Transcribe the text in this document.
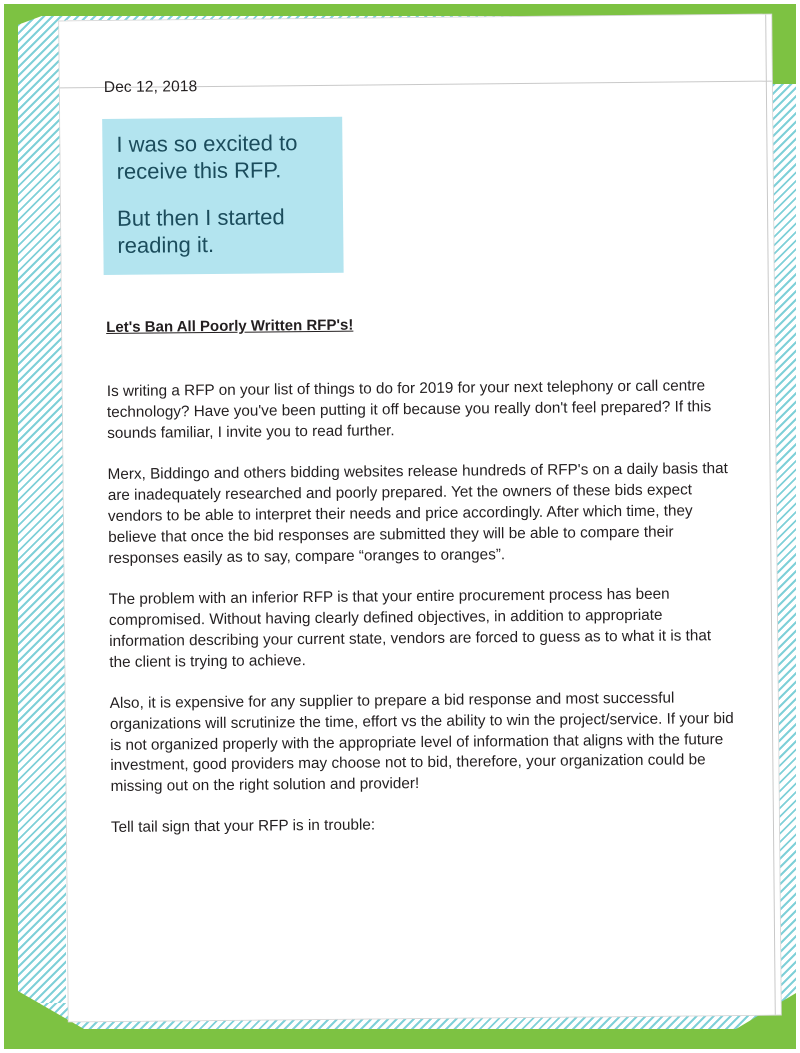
Dec 12, 2018

I was so excited to receive this RFP.

But then I started reading it.

Let's Ban All Poorly Written RFP's!

Is writing a RFP on your list of things to do for 2019 for your next telephony or call centre technology? Have you've been putting it off because you really don't feel prepared? If this sounds familiar, I invite you to read further.

Merx, Biddingo and others bidding websites release hundreds of RFP's on a daily basis that are inadequately researched and poorly prepared. Yet the owners of these bids expect vendors to be able to interpret their needs and price accordingly. After which time, they believe that once the bid responses are submitted they will be able to compare their responses easily as to say, compare “oranges to oranges”.

The problem with an inferior RFP is that your entire procurement process has been compromised. Without having clearly defined objectives, in addition to appropriate information describing your current state, vendors are forced to guess as to what it is that the client is trying to achieve.

Also, it is expensive for any supplier to prepare a bid response and most successful organizations will scrutinize the time, effort vs the ability to win the project/service. If your bid is not organized properly with the appropriate level of information that aligns with the future investment, good providers may choose not to bid, therefore, your organization could be missing out on the right solution and provider!

Tell tail sign that your RFP is in trouble:
